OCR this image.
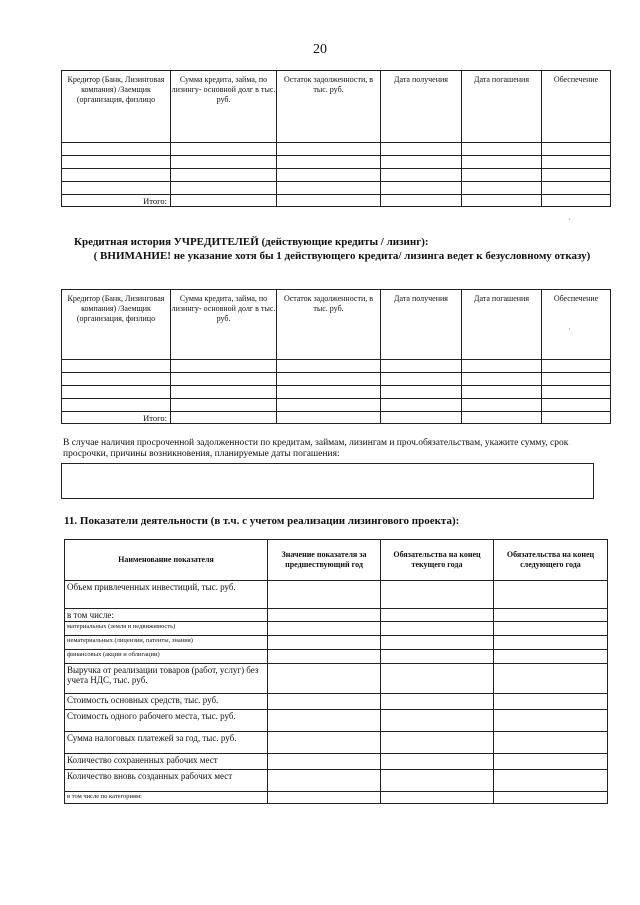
20
Кредитор (Банк, Лизинговая компания) /Заемщик (организация, физлицо	Сумма кредита, займа, по лизингу- основной долг в тыс. руб.	Остаток задолженности, в тыс. руб.	Дата получения	Дата погашения	Обеспечение

Итого:					
Кредитная история УЧРЕДИТЕЛЕЙ (действующие кредиты / лизинг):
( ВНИМАНИЕ! не указание хотя бы 1 действующего кредита/ лизинга ведет к безусловному отказу)
Кредитор (Банк, Лизинговая компания) /Заемщик (организация, физлицо	Сумма кредита, займа, по лизингу- основной долг в тыс. руб.	Остаток задолженности, в тыс. руб.	Дата получения	Дата погашения	Обеспечение

Итого:					
В случае наличия просроченной задолженности по кредитам, займам, лизингам и проч.обязательствам, укажите сумму, срок просрочки, причины возникновения, планируемые даты погашения:
11. Показатели деятельности (в т.ч. с учетом реализации лизингового проекта):
Наименование показателя	Значение показателя за предшествующий год	Обязательства на конец текущего года	Обязательства на конец следующего года
Объем привлеченных инвестиций, тыс. руб.			
в том числе:			
материальных (земля и недвижимость)			
нематериальных (лицензии, патенты, знания)			
финансовых (акции и облигации)			
Выручка от реализации товаров (работ, услуг) без учета НДС, тыс. руб.			
Стоимость основных средств, тыс. руб.			
Стоимость одного рабочего места, тыс. руб.			
Сумма налоговых платежей за год, тыс. руб.			
Количество сохраненных рабочих мест			
Количество вновь созданных рабочих мест			
в том числе по категориям:			
·
·
